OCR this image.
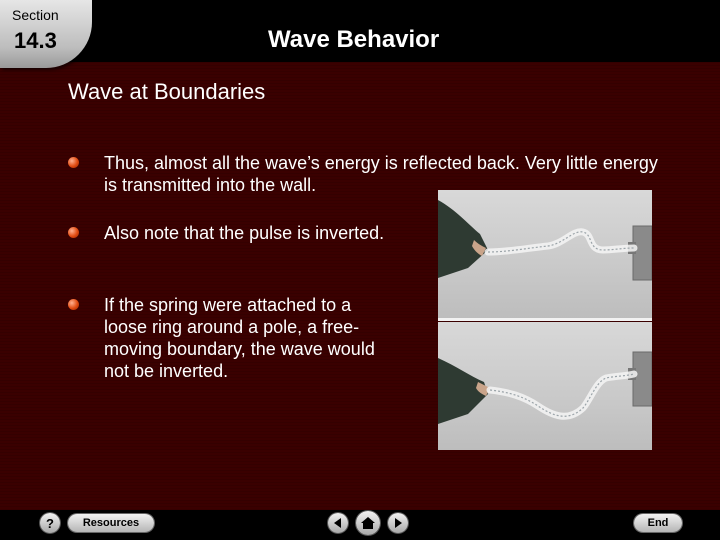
Section
14.3	Wave Behavior
Wave at Boundaries
Thus, almost all the wave’s energy is reflected back. Very little energy is transmitted into the wall.
Also note that the pulse is inverted.
If the spring were attached to a loose ring around a pole, a free-moving boundary, the wave would not be inverted.
?	Resources	End
